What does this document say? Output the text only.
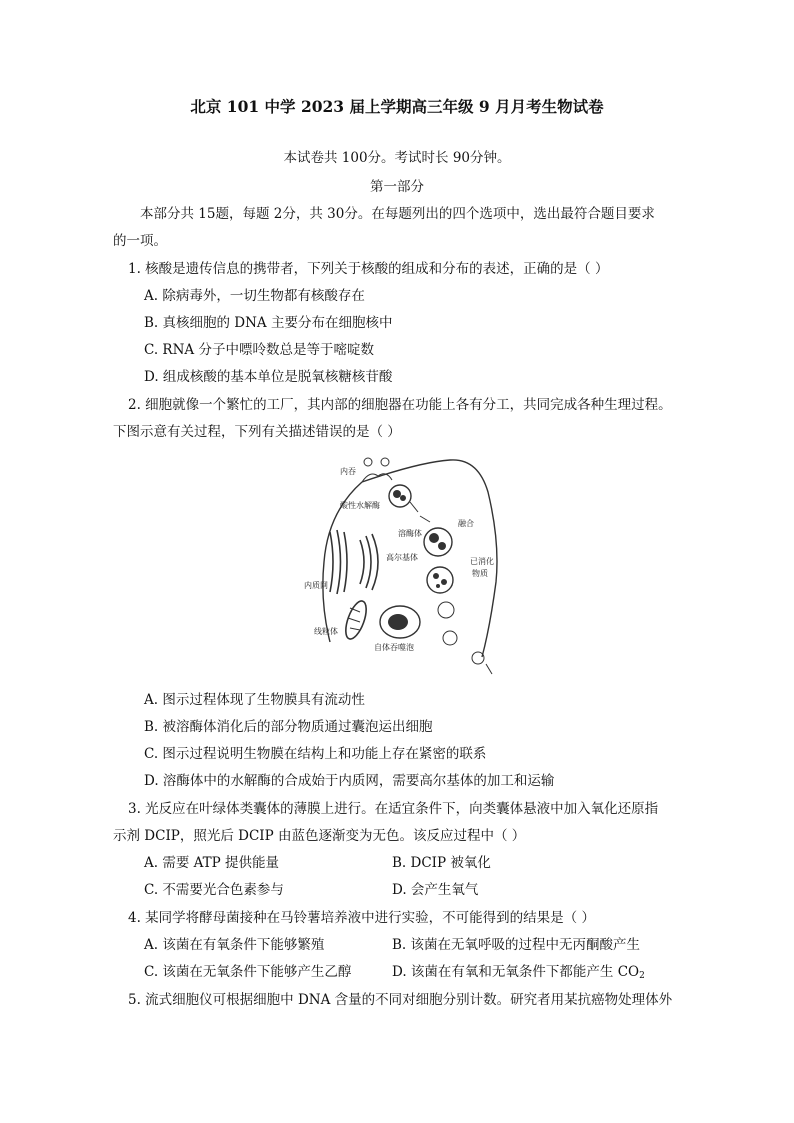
北京 101 中学 2023 届上学期高三年级 9 月月考生物试卷
本试卷共 100分。考试时长 90分钟。
第一部分
本部分共 15题，每题 2分，共 30分。在每题列出的四个选项中，选出最符合题目要求
的一项。
1. 核酸是遗传信息的携带者，下列关于核酸的组成和分布的表述，正确的是（ ）
A. 除病毒外，一切生物都有核酸存在
B. 真核细胞的 DNA 主要分布在细胞核中
C. RNA 分子中嘌呤数总是等于嘧啶数
D. 组成核酸的基本单位是脱氧核糖核苷酸
2. 细胞就像一个繁忙的工厂，其内部的细胞器在功能上各有分工，共同完成各种生理过程。
下图示意有关过程，下列有关描述错误的是（ ）
内吞
酸性水解酶
融合
溶酶体
高尔基体	已消化
物质
内质网
线粒体
自体吞噬泡
A. 图示过程体现了生物膜具有流动性
B. 被溶酶体消化后的部分物质通过囊泡运出细胞
C. 图示过程说明生物膜在结构上和功能上存在紧密的联系
D. 溶酶体中的水解酶的合成始于内质网，需要高尔基体的加工和运输
3. 光反应在叶绿体类囊体的薄膜上进行。在适宜条件下，向类囊体悬液中加入氧化还原指
示剂 DCIP，照光后 DCIP 由蓝色逐渐变为无色。该反应过程中（ ）
A. 需要 ATP 提供能量	B. DCIP 被氧化
C. 不需要光合色素参与	D. 会产生氧气
4. 某同学将酵母菌接种在马铃薯培养液中进行实验，不可能得到的结果是（ ）
A. 该菌在有氧条件下能够繁殖	B. 该菌在无氧呼吸的过程中无丙酮酸产生
C. 该菌在无氧条件下能够产生乙醇	D. 该菌在有氧和无氧条件下都能产生 $CO_2$
5. 流式细胞仪可根据细胞中 DNA 含量的不同对细胞分别计数。研究者用某抗癌物处理体外
